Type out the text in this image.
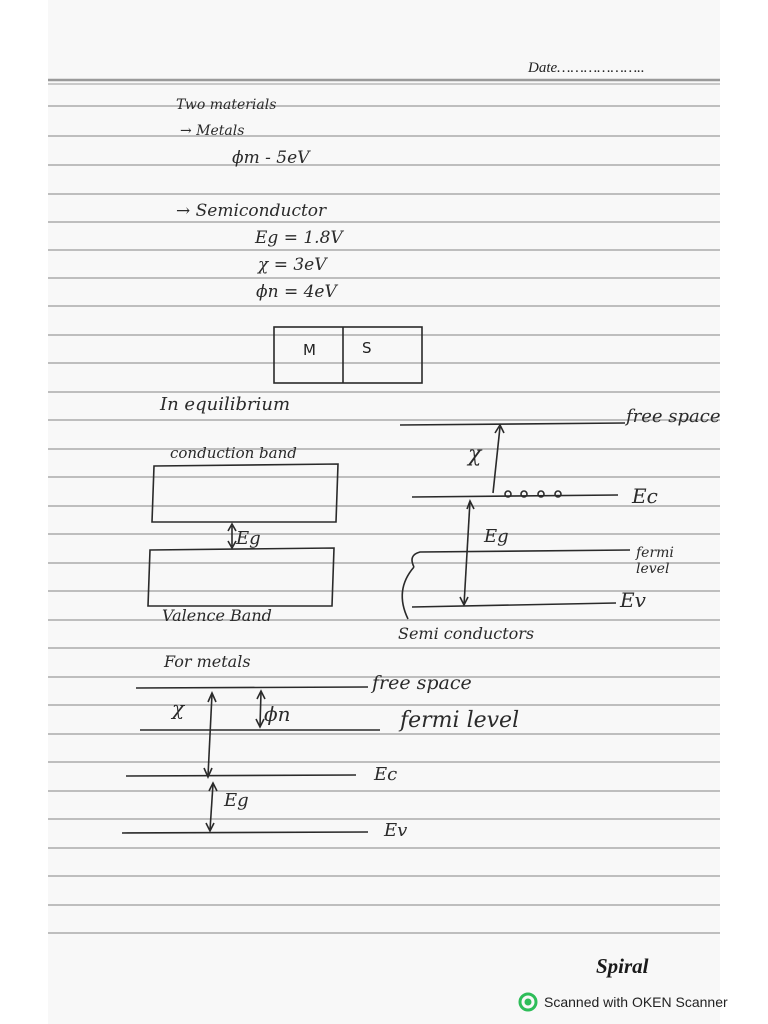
Date………………..
Two materials
→ Metals
ϕm - 5eV
→ Semiconductor
Eg = 1.8V
χ = 3eV
ϕn = 4eV
M	S
In equilibrium
conduction band
Eg
Valence Band
free space
χ
Ec
Eg
fermi level
Ev
Semi conductors
For metals
free space
χ	ϕn	fermi level
Ec
Eg
Ev
Spiral
Scanned with OKEN Scanner
